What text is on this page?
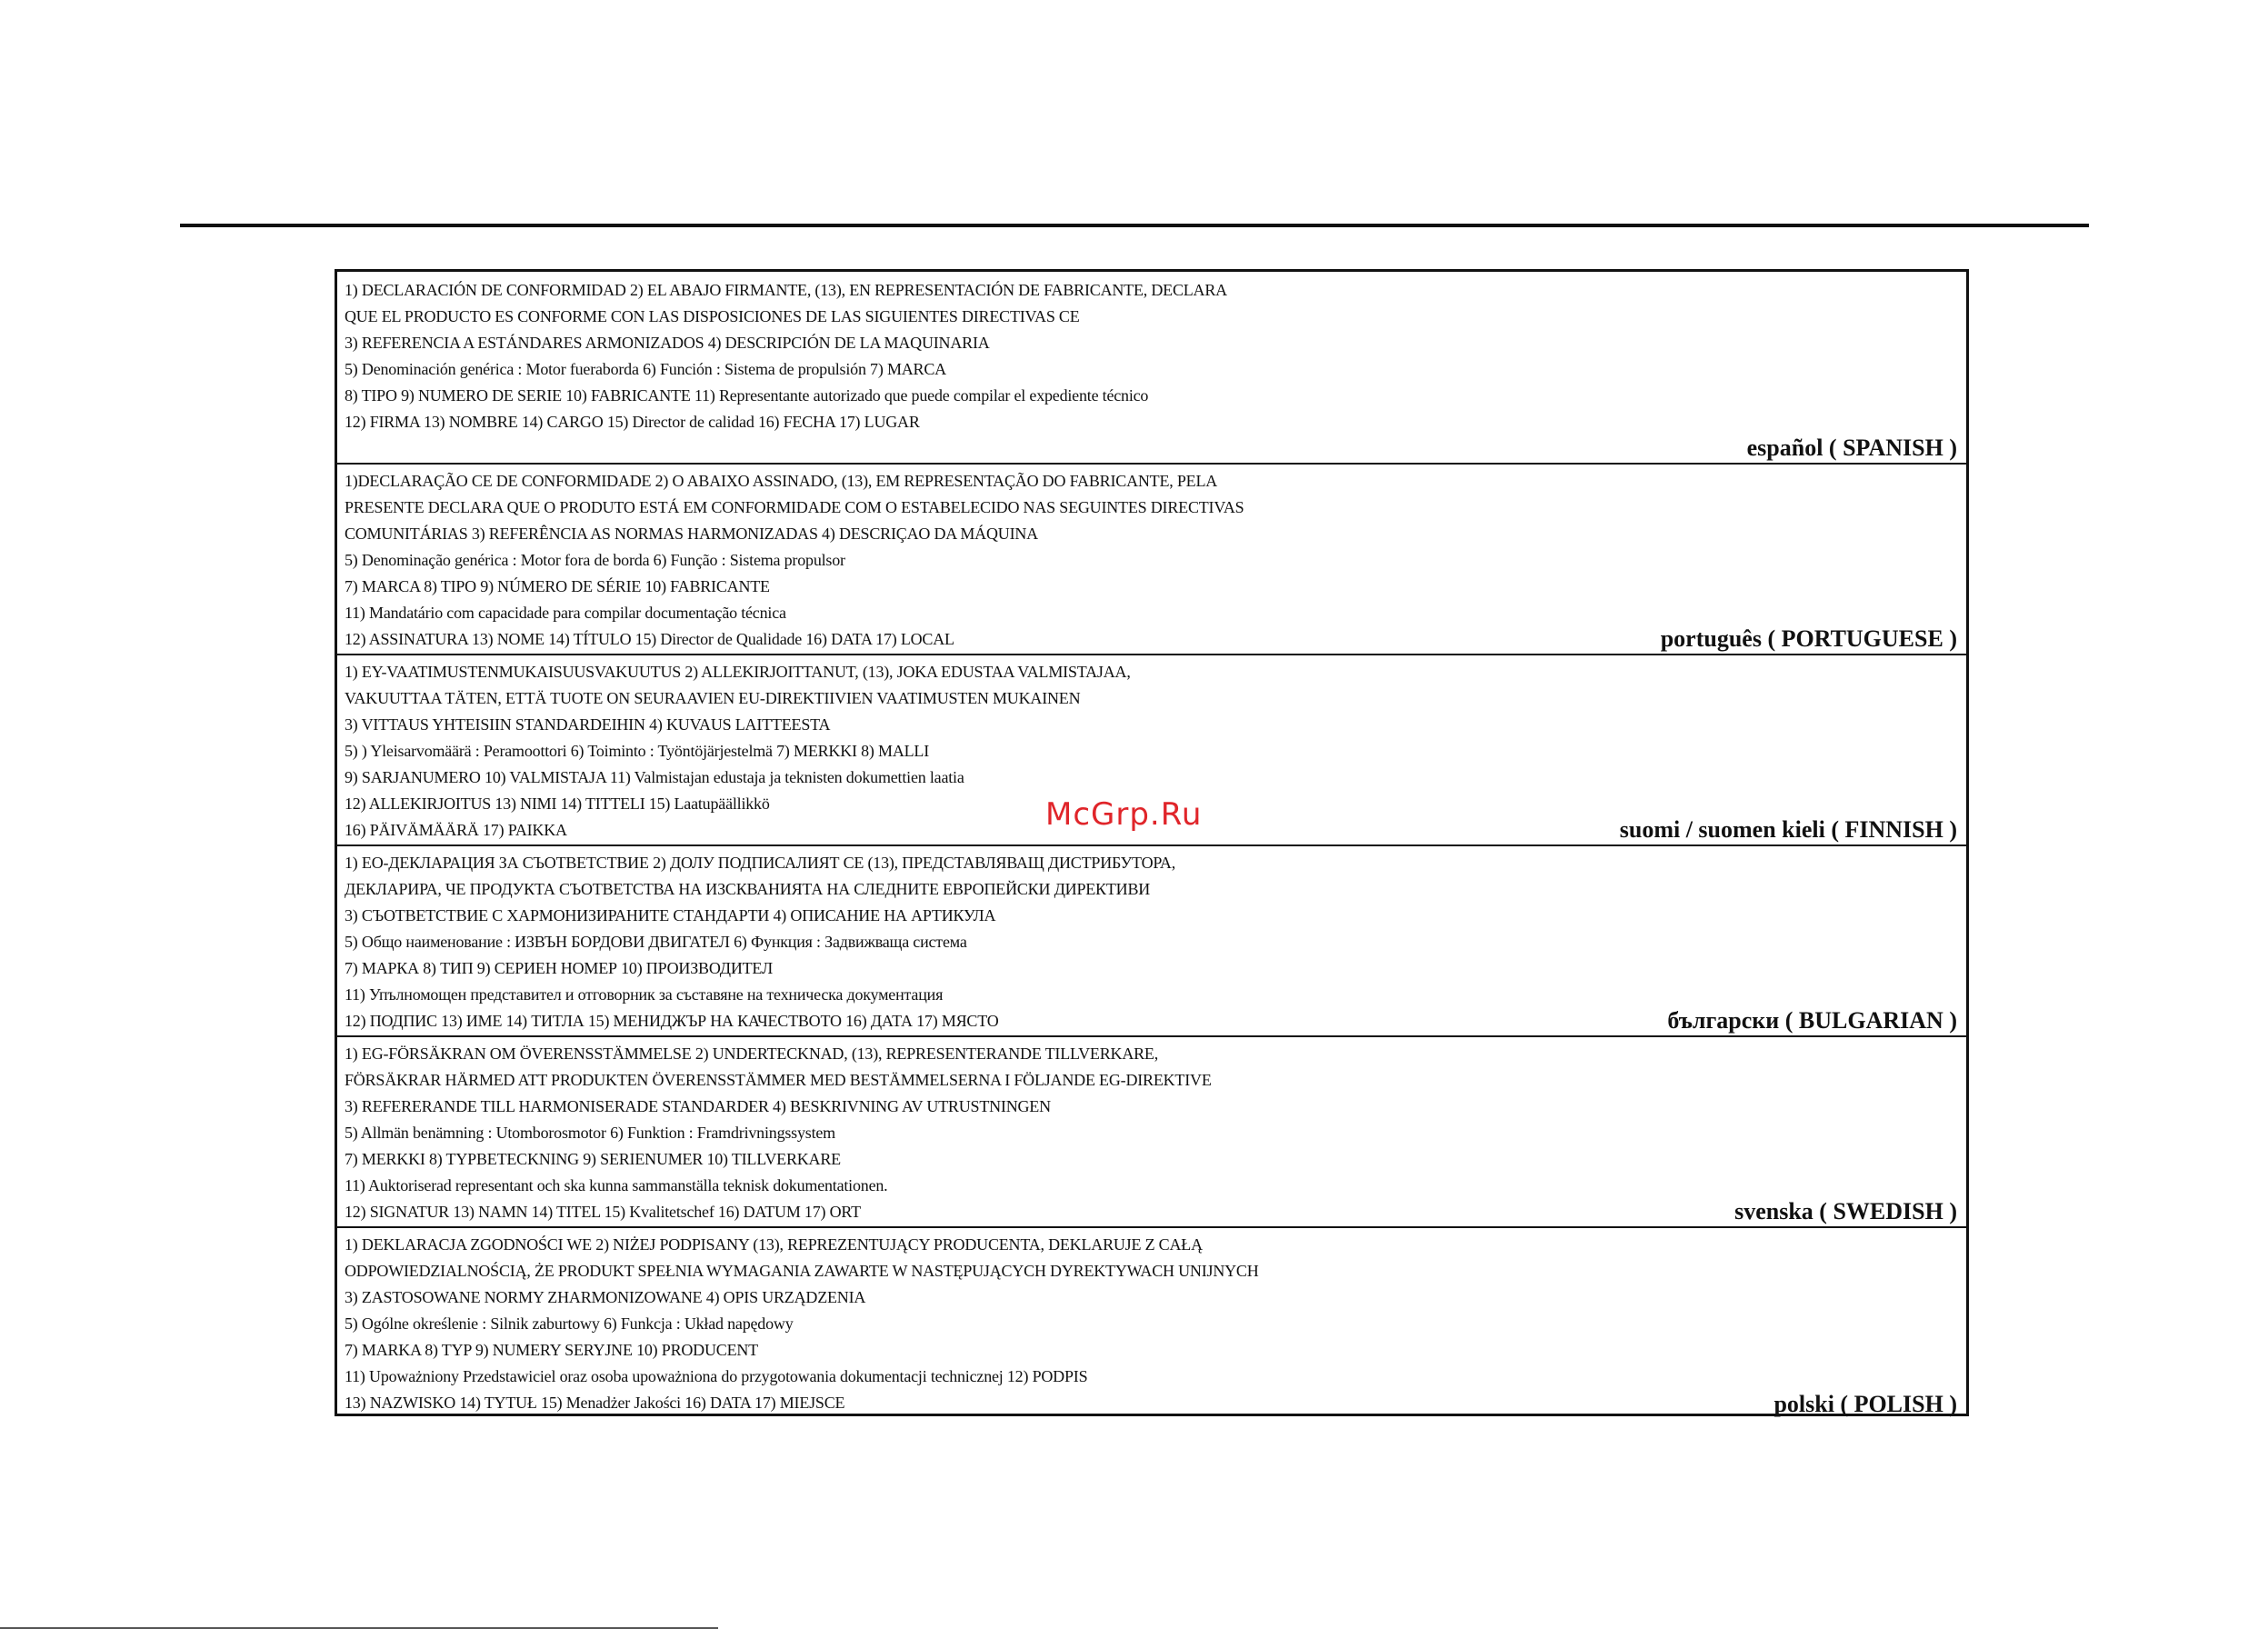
1) DECLARACIÓN DE CONFORMIDAD 2) EL ABAJO FIRMANTE, (13), EN REPRESENTACIÓN DE FABRICANTE, DECLARA
QUE EL PRODUCTO ES CONFORME CON LAS DISPOSICIONES DE LAS SIGUIENTES DIRECTIVAS CE
3) REFERENCIA A ESTÁNDARES ARMONIZADOS 4) DESCRIPCIÓN DE LA MAQUINARIA
5) Denominación genérica : Motor fueraborda 6) Función : Sistema de propulsión 7) MARCA
8) TIPO 9) NUMERO DE SERIE 10) FABRICANTE 11) Representante autorizado que puede compilar el expediente técnico
12) FIRMA 13) NOMBRE 14) CARGO 15) Director de calidad 16) FECHA 17) LUGAR
español ( SPANISH )
1)DECLARAÇÃO CE DE CONFORMIDADE 2) O ABAIXO ASSINADO, (13), EM REPRESENTAÇÃO DO FABRICANTE, PELA
PRESENTE DECLARA QUE O PRODUTO ESTÁ EM CONFORMIDADE COM O ESTABELECIDO NAS SEGUINTES DIRECTIVAS
COMUNITÁRIAS 3) REFERÊNCIA AS NORMAS HARMONIZADAS 4) DESCRIÇAO DA MÁQUINA
5) Denominação genérica : Motor fora de borda 6) Função : Sistema propulsor
7) MARCA 8) TIPO 9) NÚMERO DE SÉRIE 10) FABRICANTE
11) Mandatário com capacidade para compilar documentação técnica
12) ASSINATURA 13) NOME 14) TÍTULO 15) Director de Qualidade 16) DATA 17) LOCAL	português ( PORTUGUESE )
1) EY-VAATIMUSTENMUKAISUUSVAKUUTUS 2) ALLEKIRJOITTANUT, (13), JOKA EDUSTAA VALMISTAJAA,
VAKUUTTAA TÄTEN, ETTÄ TUOTE ON SEURAAVIEN EU-DIREKTIIVIEN VAATIMUSTEN MUKAINEN
3) VITTAUS YHTEISIIN STANDARDEIHIN 4) KUVAUS LAITTEESTA
5) ) Yleisarvomäärä : Peramoottori 6) Toiminto : Työntöjärjestelmä 7) MERKKI 8) MALLI
9) SARJANUMERO 10) VALMISTAJA 11) Valmistajan edustaja ja teknisten dokumettien laatia
12) ALLEKIRJOITUS 13) NIMI 14) TITTELI 15) Laatupäällikkö
16) PÄIVÄMÄÄRÄ 17) PAIKKA	suomi / suomen kieli ( FINNISH )
1) ЕО-ДЕКЛАРАЦИЯ ЗА СЪОТВЕТСТВИЕ 2) ДОЛУ ПОДПИСАЛИЯТ СЕ (13), ПРЕДСТАВЛЯВАЩ ДИСТРИБУТОРА,
ДЕКЛАРИРА, ЧЕ ПРОДУКТА СЪОТВЕТСТВА НА ИЗСКВАНИЯТА НА СЛЕДНИТЕ ЕВРОПЕЙСКИ ДИРЕКТИВИ
3) СЪОТВЕТСТВИЕ С ХАРМОНИЗИРАНИТЕ СТАНДАРТИ 4) ОПИСАНИЕ НА АРТИКУЛА
5) Общо наименование : ИЗВЪН БОРДОВИ ДВИГАТЕЛ 6) Функция : Задвижваща система
7) МАРКА 8) ТИП 9) СЕРИЕН НОМЕР 10) ПРОИЗВОДИТЕЛ
11) Упълномощен представител и отговорник за съставяне на техническа документация
12) ПОДПИС 13) ИМЕ 14) ТИТЛА 15) МЕНИДЖЪР НА КАЧЕСТВОТО 16) ДАТА 17) МЯСТО	български ( BULGARIAN )
1) EG-FÖRSÄKRAN OM ÖVERENSSTÄMMELSE 2) UNDERTECKNAD, (13), REPRESENTERANDE TILLVERKARE,
FÖRSÄKRAR HÄRMED ATT PRODUKTEN ÖVERENSSTÄMMER MED BESTÄMMELSERNA I FÖLJANDE EG-DIREKTIVE
3) REFERERANDE TILL HARMONISERADE STANDARDER 4) BESKRIVNING AV UTRUSTNINGEN
5) Allmän benämning : Utomborosmotor 6) Funktion : Framdrivningssystem
7) MERKKI 8) TYPBETECKNING 9) SERIENUMER 10) TILLVERKARE
11) Auktoriserad representant och ska kunna sammanställa teknisk dokumentationen.
12) SIGNATUR 13) NAMN 14) TITEL 15) Kvalitetschef 16) DATUM 17) ORT	svenska ( SWEDISH )
1) DEKLARACJA ZGODNOŚCI WE 2) NIŻEJ PODPISANY (13), REPREZENTUJĄCY PRODUCENTA, DEKLARUJE Z CAŁĄ
ODPOWIEDZIALNOŚCIĄ, ŻE PRODUKT SPEŁNIA WYMAGANIA ZAWARTE W NASTĘPUJĄCYCH DYREKTYWACH UNIJNYCH
3) ZASTOSOWANE NORMY ZHARMONIZOWANE 4) OPIS URZĄDZENIA
5) Ogólne określenie : Silnik zaburtowy 6) Funkcja : Układ napędowy
7) MARKA 8) TYP 9) NUMERY SERYJNE 10) PRODUCENT
11) Upoważniony Przedstawiciel oraz osoba upoważniona do przygotowania dokumentacji technicznej 12) PODPIS
13) NAZWISKO 14) TYTUŁ 15) Menadżer Jakości 16) DATA 17) MIEJSCE	polski ( POLISH )
McGrp.Ru
